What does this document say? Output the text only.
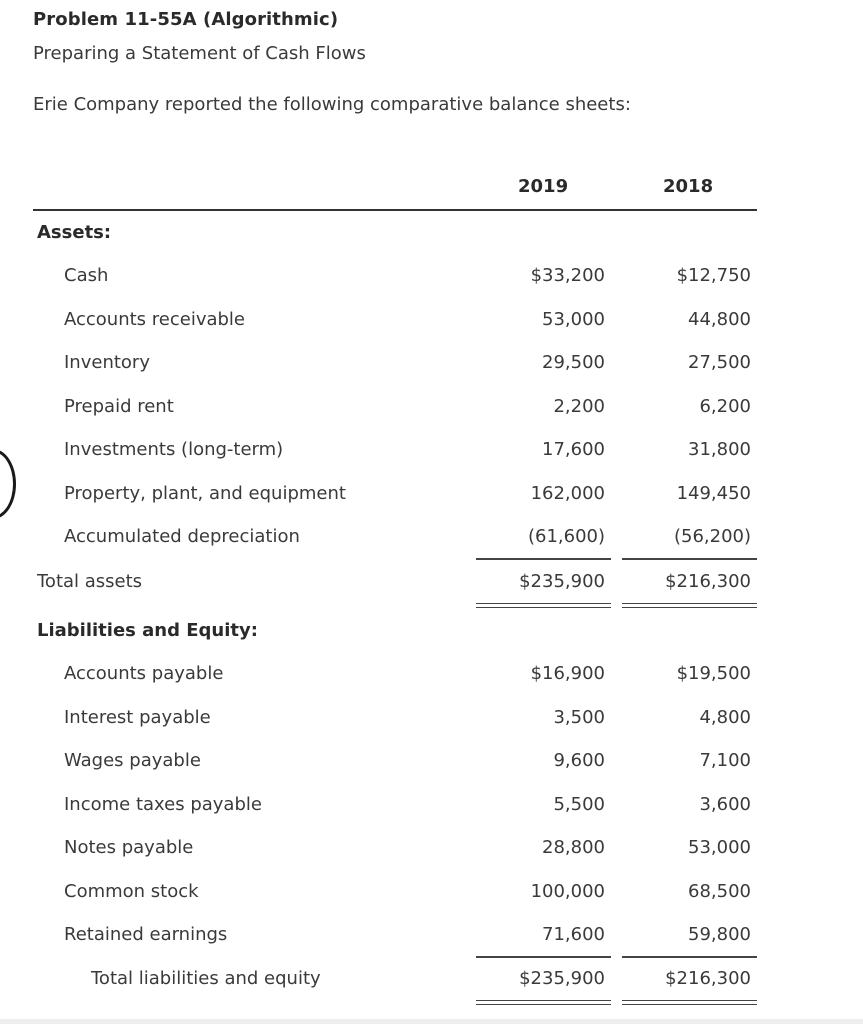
Problem 11-55A (Algorithmic)
Preparing a Statement of Cash Flows
Erie Company reported the following comparative balance sheets:
2019	2018
Assets:
Cash	$33,200	$12,750
Accounts receivable	53,000	44,800
Inventory	29,500	27,500
Prepaid rent	2,200	6,200
Investments (long-term)	17,600	31,800
Property, plant, and equipment	162,000	149,450
Accumulated depreciation	(61,600)	(56,200)
Total assets	$235,900	$216,300
Liabilities and Equity:
Accounts payable	$16,900	$19,500
Interest payable	3,500	4,800
Wages payable	9,600	7,100
Income taxes payable	5,500	3,600
Notes payable	28,800	53,000
Common stock	100,000	68,500
Retained earnings	71,600	59,800
Total liabilities and equity	$235,900	$216,300
